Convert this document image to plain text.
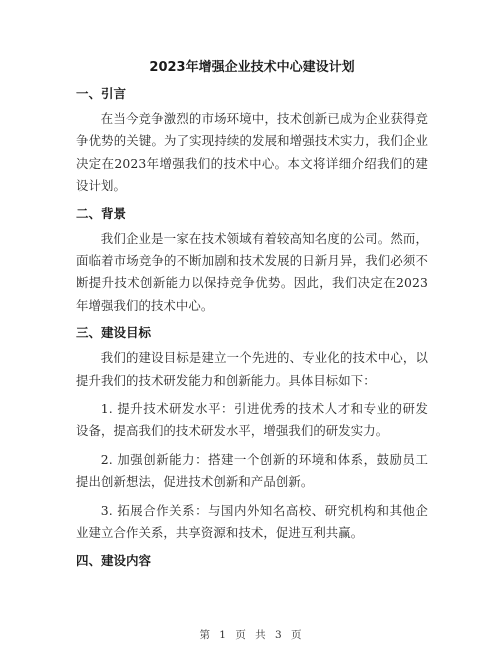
2023年增强企业技术中心建设计划
一、引言

在当今竞争激烈的市场环境中，技术创新已成为企业获得竞争优势的关键。为了实现持续的发展和增强技术实力，我们企业决定在2023年增强我们的技术中心。本文将详细介绍我们的建设计划。

二、背景

我们企业是一家在技术领域有着较高知名度的公司。然而，面临着市场竞争的不断加剧和技术发展的日新月异，我们必须不断提升技术创新能力以保持竞争优势。因此，我们决定在2023年增强我们的技术中心。

三、建设目标

我们的建设目标是建立一个先进的、专业化的技术中心，以提升我们的技术研发能力和创新能力。具体目标如下：

1. 提升技术研发水平：引进优秀的技术人才和专业的研发设备，提高我们的技术研发水平，增强我们的研发实力。

2. 加强创新能力：搭建一个创新的环境和体系，鼓励员工提出创新想法，促进技术创新和产品创新。

3. 拓展合作关系：与国内外知名高校、研究机构和其他企业建立合作关系，共享资源和技术，促进互利共赢。

四、建设内容
第 1 页 共 3 页
